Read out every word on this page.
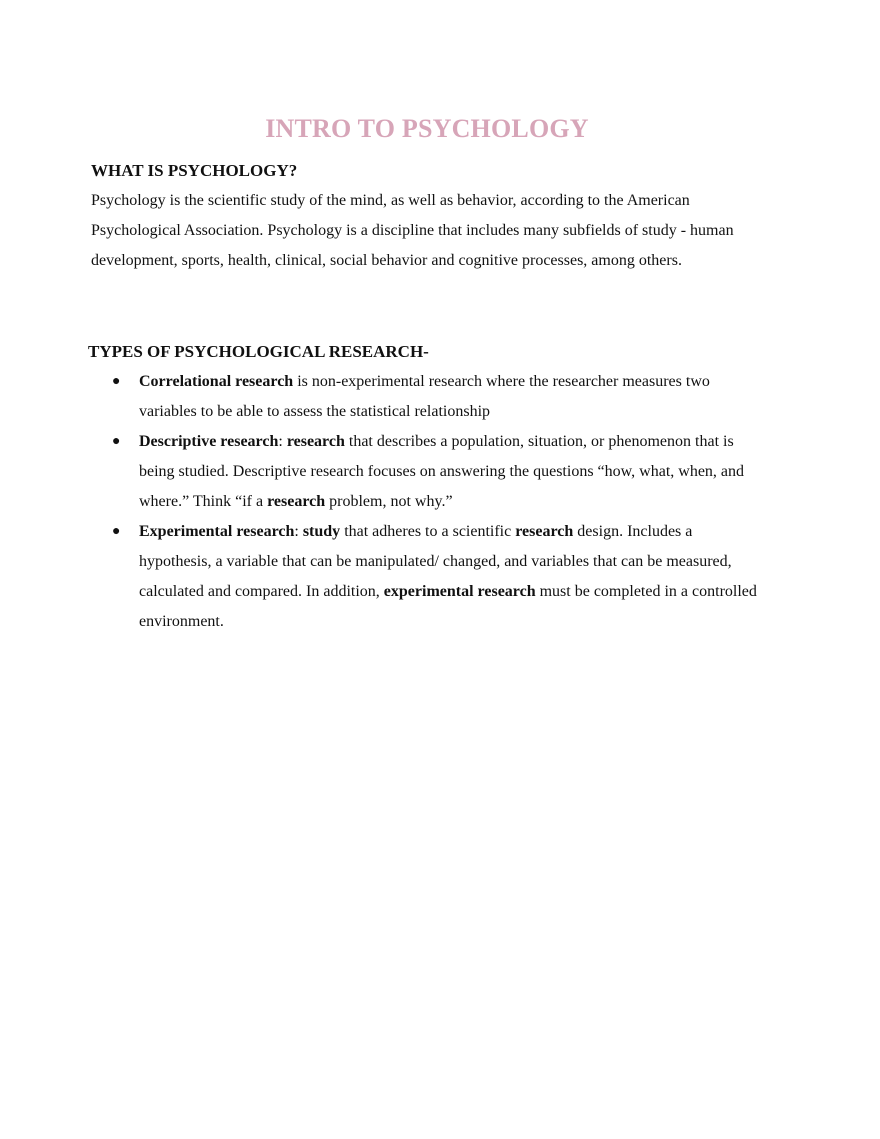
INTRO TO PSYCHOLOGY
WHAT IS PSYCHOLOGY?

Psychology is the scientific study of the mind, as well as behavior, according to the American Psychological Association. Psychology is a discipline that includes many subfields of study - human development, sports, health, clinical, social behavior and cognitive processes, among others.

TYPES OF PSYCHOLOGICAL RESEARCH-
● Correlational research is non-experimental research where the researcher measures two variables to be able to assess the statistical relationship
● Descriptive research: research that describes a population, situation, or phenomenon that is being studied. Descriptive research focuses on answering the questions “how, what, when, and where.” Think “if a research problem, not why.”
● Experimental research: study that adheres to a scientific research design. Includes a hypothesis, a variable that can be manipulated/ changed, and variables that can be measured, calculated and compared. In addition, experimental research must be completed in a controlled environment.
